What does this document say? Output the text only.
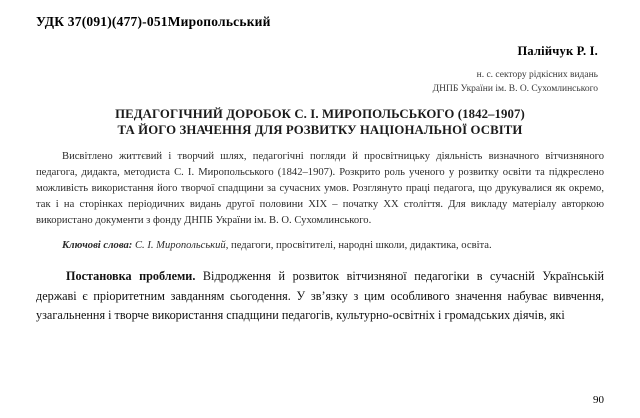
УДК 37(091)(477)-051Миропольський
Палійчук Р. І.
н. с. сектору рідкісних видань
ДНПБ України ім. В. О. Сухомлинського
ПЕДАГОГІЧНИЙ ДОРОБОК С. І. МИРОПОЛЬСЬКОГО (1842–1907)
ТА ЙОГО ЗНАЧЕННЯ ДЛЯ РОЗВИТКУ НАЦІОНАЛЬНОЇ ОСВІТИ

Висвітлено життєвий і творчий шлях, педагогічні погляди й просвітницьку діяльність визначного вітчизняного педагога, дидакта, методиста С. І. Миропольського (1842–1907). Розкрито роль ученого у розвитку освіти та підкреслено можливість використання його творчої спадщини за сучасних умов. Розглянуто праці педагога, що друкувалися як окремо, так і на сторінках періодичних видань другої половини XIX – початку XX століття. Для викладу матеріалу авторкою використано документи з фонду ДНПБ України ім. В. О. Сухомлинського.

Ключові слова: С. І. Миропольський, педагоги, просвітителі, народні школи, дидактика, освіта.

Постановка проблеми. Відродження й розвиток вітчизняної педагогіки в сучасній Українській державі є пріоритетним завданням сьогодення. У зв’язку з цим особливого значення набуває вивчення, узагальнення і творче використання спадщини педагогів, культурно-освітніх і громадських діячів, які

90
